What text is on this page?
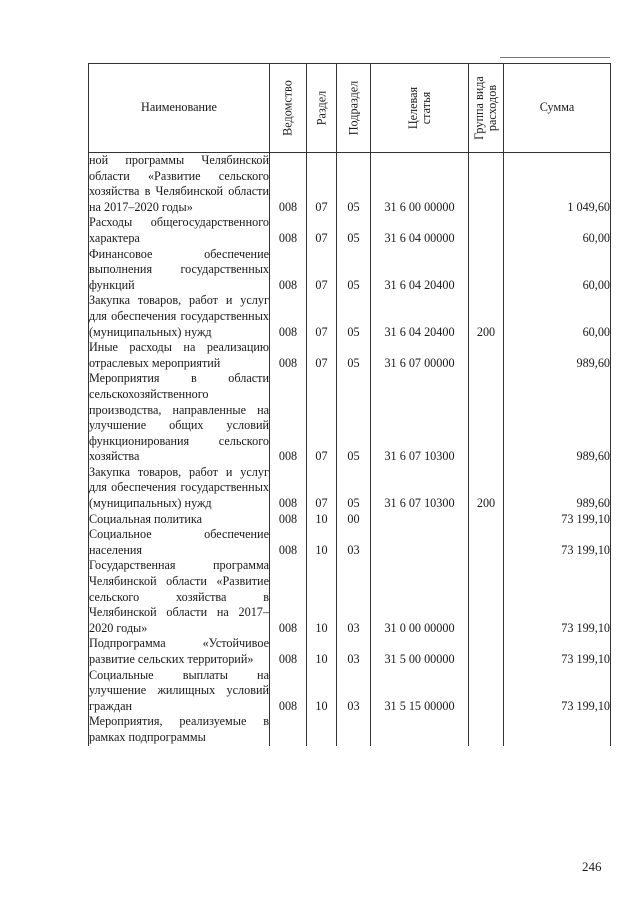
Наименование	Ведомство	Раздел	Подраздел	Целевая статья	Группа вида расходов	Сумма
ной программы Челябинской области «Развитие сельского хозяйства в Челябинской области на 2017–2020 годы»	008	07	05	31 6 00 00000		1 049,60
Расходы общегосударственного характера	008	07	05	31 6 04 00000		60,00
Финансовое обеспечение выполнения государственных функций	008	07	05	31 6 04 20400		60,00
Закупка товаров, работ и услуг для обеспечения государственных (муниципальных) нужд	008	07	05	31 6 04 20400	200	60,00
Иные расходы на реализацию отраслевых мероприятий	008	07	05	31 6 07 00000		989,60
Мероприятия в области сельскохозяйственного производства, направленные на улучшение общих условий функционирования сельского хозяйства	008	07	05	31 6 07 10300		989,60
Закупка товаров, работ и услуг для обеспечения государственных (муниципальных) нужд	008	07	05	31 6 07 10300	200	989,60
Социальная политика	008	10	00			73 199,10
Социальное обеспечение населения	008	10	03			73 199,10
Государственная программа Челябинской области «Развитие сельского хозяйства в Челябинской области на 2017–2020 годы»	008	10	03	31 0 00 00000		73 199,10
Подпрограмма «Устойчивое развитие сельских территорий»	008	10	03	31 5 00 00000		73 199,10
Социальные выплаты на улучшение жилищных условий граждан	008	10	03	31 5 15 00000		73 199,10
Мероприятия, реализуемые в рамках подпрограммы						
246
